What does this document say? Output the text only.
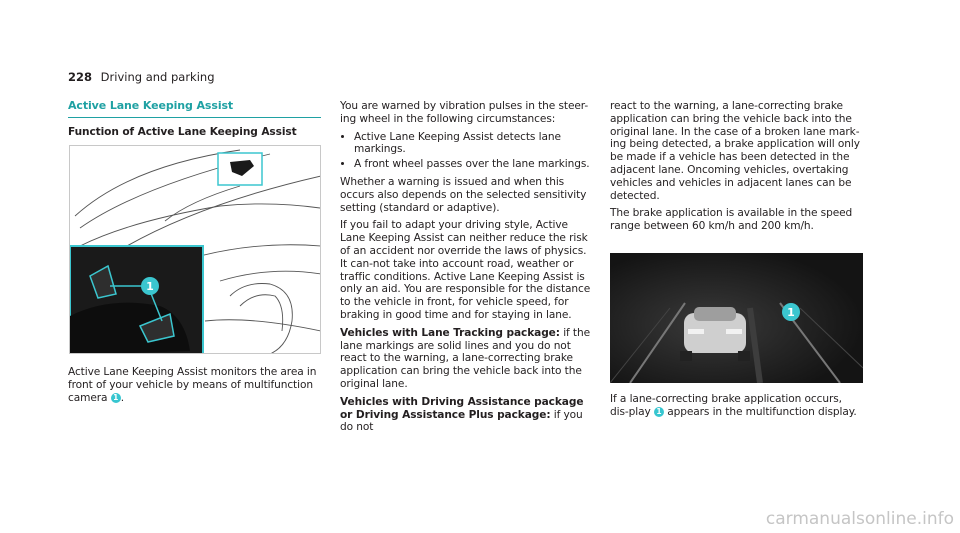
228 Driving and parking
Active Lane Keeping Assist
Function of Active Lane Keeping Assist
1

Active Lane Keeping Assist monitors the area in front of your vehicle by means of multifunction camera 1 .

You are warned by vibration pulses in the steer-ing wheel in the following circumstances:

• Active Lane Keeping Assist detects lane markings.
• A front wheel passes over the lane markings.

Whether a warning is issued and when this occurs also depends on the selected sensitivity setting (standard or adaptive).

If you fail to adapt your driving style, Active Lane Keeping Assist can neither reduce the risk of an accident nor override the laws of physics. It can-not take into account road, weather or traffic conditions. Active Lane Keeping Assist is only an aid. You are responsible for the distance to the vehicle in front, for vehicle speed, for braking in good time and for staying in lane.

Vehicles with Lane Tracking package: if the lane markings are solid lines and you do not react to the warning, a lane-correcting brake application can bring the vehicle back into the original lane.

Vehicles with Driving Assistance package or Driving Assistance Plus package: if you do not

react to the warning, a lane-correcting brake application can bring the vehicle back into the original lane. In the case of a broken lane mark-ing being detected, a brake application will only be made if a vehicle has been detected in the adjacent lane. Oncoming vehicles, overtaking vehicles and vehicles in adjacent lanes can be detected.

The brake application is available in the speed range between 60 km/h and 200 km/h.

1

If a lane-correcting brake application occurs, dis-play 1 appears in the multifunction display.

carmanualsonline.info
